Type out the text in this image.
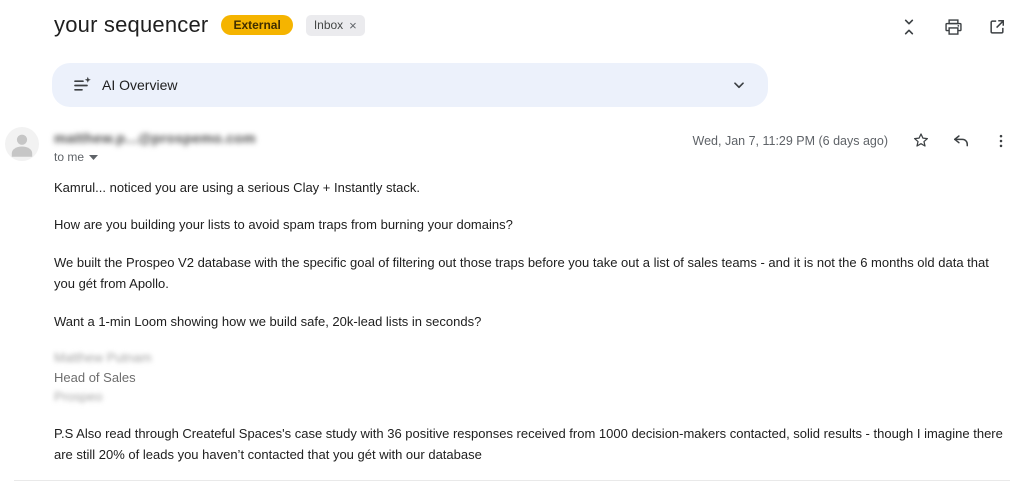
your sequencer	External	Inbox ×
AI Overview
matthew.p...@prospemo.com
to me
Wed, Jan 7, 11:29 PM (6 days ago)

Kamrul... noticed you are using a serious Clay + Instantly stack.

How are you building your lists to avoid spam traps from burning your domains?

We built the Prospeo V2 database with the specific goal of filtering out those traps before you take out a list of sales teams - and it is not the 6 months old data that you gét from Apollo.

Want a 1-min Loom showing how we build safe, 20k-lead lists in seconds?

Matthew Putnam
Head of Sales
Prospeo

P.S Also read through Createful Spaces's case study with 36 positive responses received from 1000 decision-makers contacted, solid results - though I imagine there are still 20% of leads you haven’t contacted that you gét with our database
